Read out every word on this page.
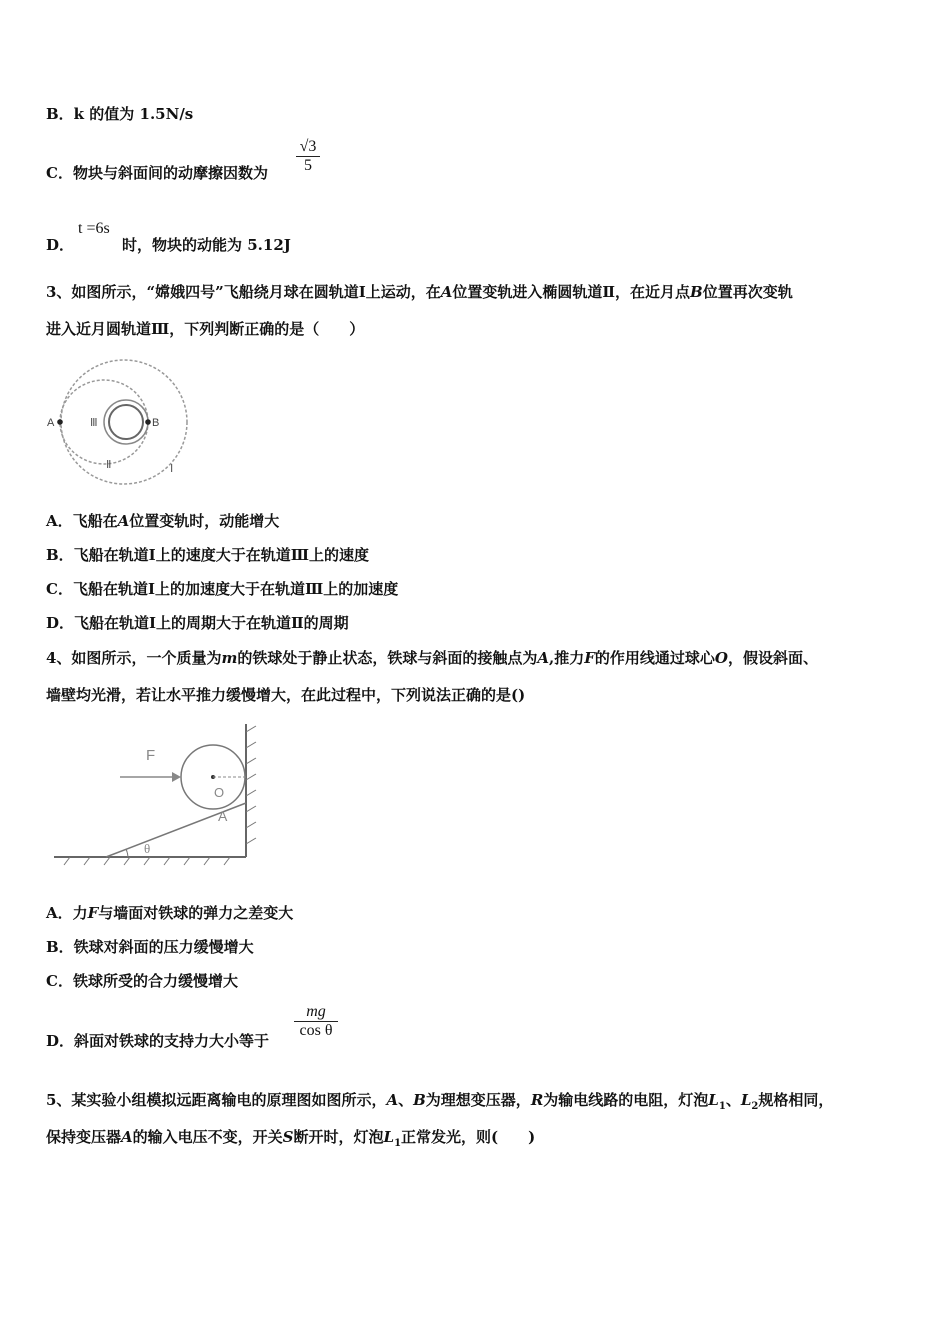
B．k 的值为 1.5N/s
C．物块与斜面间的动摩擦因数为 $\frac{√3}{5}$
D．
t =6s
时，物块的动能为 5.12J
3、如图所示，“嫦娥四号”飞船绕月球在圆轨道Ⅰ上运动，在A位置变轨进入椭圆轨道Ⅱ，在近月点B位置再次变轨
进入近月圆轨道Ⅲ，下列判断正确的是（　　）
A	B
Ⅲ
Ⅱ	Ⅰ
A．飞船在A位置变轨时，动能增大
B．飞船在轨道Ⅰ上的速度大于在轨道Ⅲ上的速度
C．飞船在轨道Ⅰ上的加速度大于在轨道Ⅲ上的加速度
D．飞船在轨道Ⅰ上的周期大于在轨道Ⅱ的周期
4、如图所示，一个质量为m的铁球处于静止状态，铁球与斜面的接触点为A,推力F的作用线通过球心O，假设斜面、
墙壁均光滑，若让水平推力缓慢增大，在此过程中，下列说法正确的是()
F
O
A
θ
A．力F与墙面对铁球的弹力之差变大
B．铁球对斜面的压力缓慢增大
C．铁球所受的合力缓慢增大
D．斜面对铁球的支持力大小等于
$\frac{mg}{\text{cos θ}}$
5、某实验小组模拟远距离输电的原理图如图所示，A、B为理想变压器，R为输电线路的电阻，灯泡$L_1$、$L_2$规格相同，
保持变压器A的输入电压不变，开关S断开时，灯泡$L_1$正常发光，则(　　)
